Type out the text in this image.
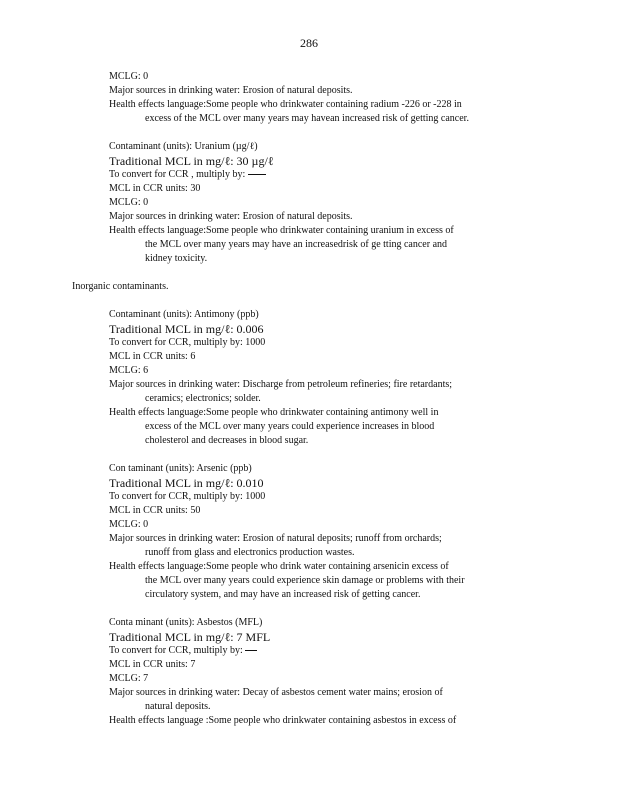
286
MCLG: 0
Major sources in drinking water: Erosion of natural deposits.
Health effects language:Some people who drinkwater containing radium -226 or -228 in
excess of the MCL over many years may havean increased risk of getting cancer.
Contaminant (units): Uranium (µg/ℓ)
Traditional MCL in mg/ℓ: 30 µg/ℓ
To convert for CCR , multiply by:
MCL in CCR units: 30
MCLG: 0
Major sources in drinking water: Erosion of natural deposits.
Health effects language:Some people who drinkwater containing uranium in excess of
the MCL over many years may have an increasedrisk of ge tting cancer and
kidney toxicity.
Inorganic contaminants.
Contaminant (units): Antimony (ppb)
Traditional MCL in mg/ℓ: 0.006
To convert for CCR, multiply by: 1000
MCL in CCR units: 6
MCLG: 6
Major sources in drinking water: Discharge from petroleum refineries; fire retardants;
ceramics; electronics; solder.
Health effects language:Some people who drinkwater containing antimony well in
excess of the MCL over many years could experience increases in blood
cholesterol and decreases in blood sugar.
Con taminant (units): Arsenic (ppb)
Traditional MCL in mg/ℓ: 0.010
To convert for CCR, multiply by: 1000
MCL in CCR units: 50
MCLG: 0
Major sources in drinking water: Erosion of natural deposits; runoff from orchards;
runoff from glass and electronics production wastes.
Health effects language:Some people who drink water containing arsenicin excess of
the MCL over many years could experience skin damage or problems with their
circulatory system, and may have an increased risk of getting cancer.
Conta minant (units): Asbestos (MFL)
Traditional MCL in mg/ℓ: 7 MFL
To convert for CCR, multiply by:
MCL in CCR units: 7
MCLG: 7
Major sources in drinking water: Decay of asbestos cement water mains; erosion of
natural deposits.
Health effects language :Some people who drinkwater containing asbestos in excess of
